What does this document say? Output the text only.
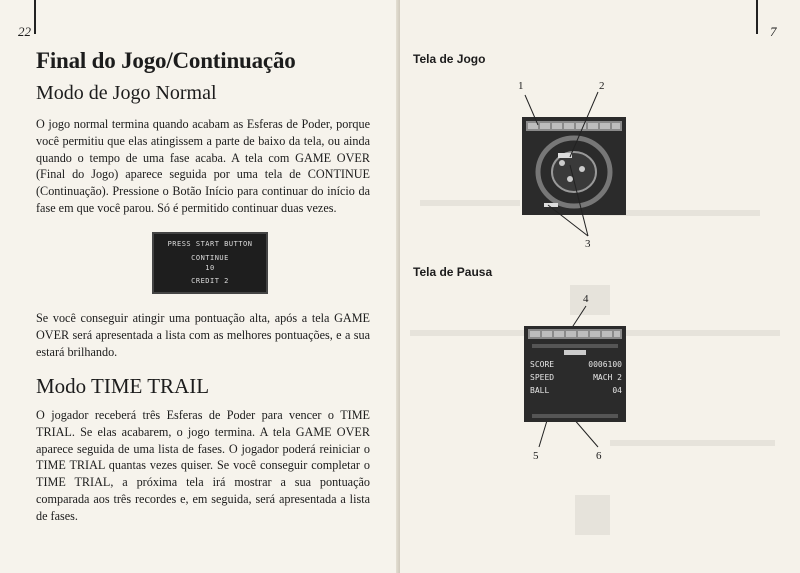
22
Final do Jogo/Continuação
Modo de Jogo Normal

O jogo normal termina quando acabam as Esferas de Poder, porque você permitiu que elas atingissem a parte de baixo da tela, ou ainda quando o tempo de uma fase acaba. A tela com GAME OVER (Final do Jogo) aparece seguida por uma tela de CONTINUE (Continuação). Pressione o Botão Início para continuar do início da fase em que você parou. Só é permitido continuar duas vezes.

PRESS START BUTTON
CONTINUE
10
CREDIT 2

Se você conseguir atingir uma pontuação alta, após a tela GAME OVER será apresentada a lista com as melhores pontuações, e a sua estará brilhando.

Modo TIME TRAIL

O jogador receberá três Esferas de Poder para vencer o TIME TRIAL. Se elas acabarem, o jogo termina. A tela GAME OVER aparece seguida de uma lista de fases. O jogador poderá reiniciar o TIME TRIAL quantas vezes quiser. Se você conseguir completar o TIME TRIAL, a próxima tela irá mostrar a sua pontuação comparada aos três recordes e, em seguida, será apresentada a lista de fases.

7
Tela de Jogo
1	2
3
Tela de Pausa
4
SCORE	0006100
SPEED	MACH 2
BALL	04
5	6
